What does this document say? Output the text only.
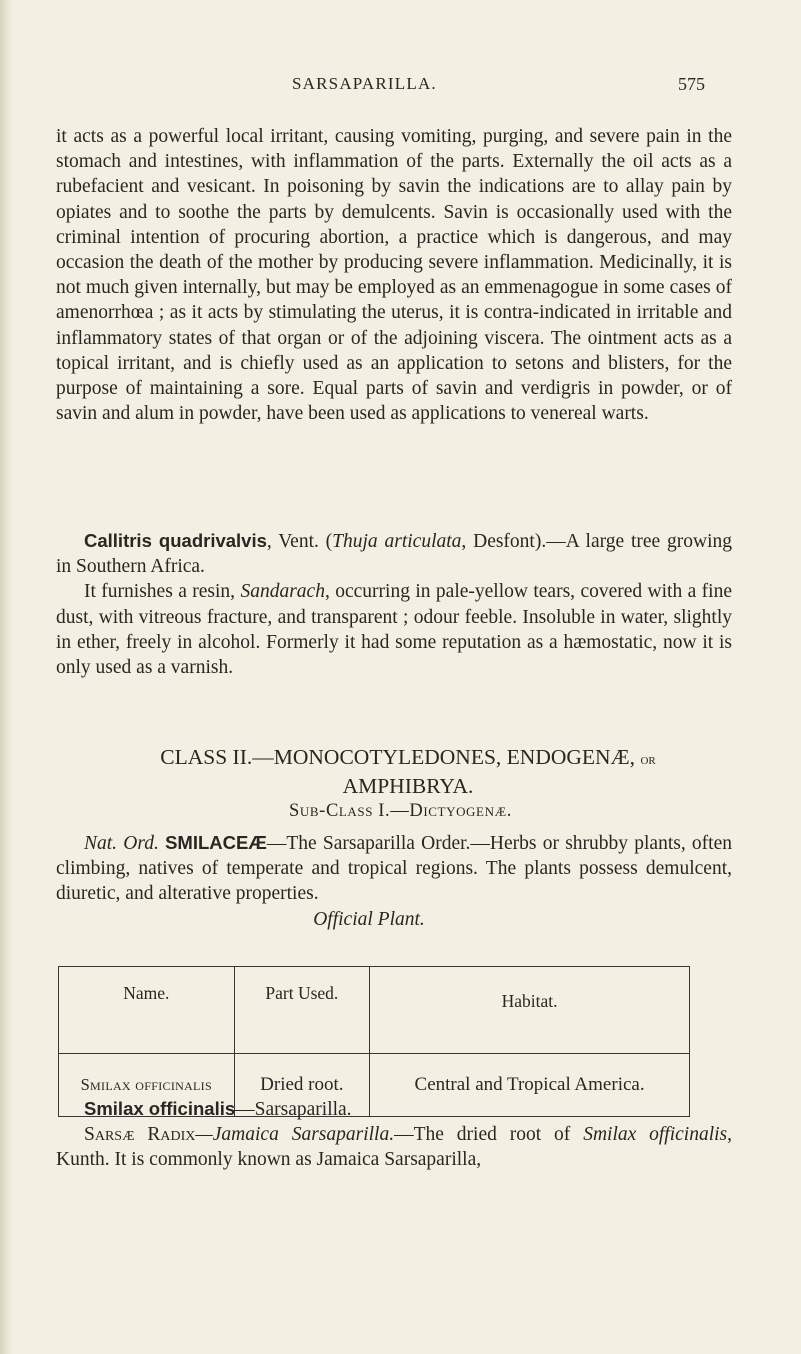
SARSAPARILLA.	575

it acts as a powerful local irritant, causing vomiting, purging, and severe pain in the stomach and intestines, with inflammation of the parts. Externally the oil acts as a rubefacient and vesicant. In poisoning by savin the indications are to allay pain by opiates and to soothe the parts by demulcents. Savin is occasionally used with the criminal intention of procuring abortion, a practice which is dangerous, and may occasion the death of the mother by producing severe inflammation. Medicinally, it is not much given internally, but may be employed as an emmenagogue in some cases of amenorrhœa ; as it acts by stimulating the uterus, it is contra-indicated in irritable and inflammatory states of that organ or of the adjoining viscera. The ointment acts as a topical irritant, and is chiefly used as an application to setons and blisters, for the purpose of maintaining a sore. Equal parts of savin and verdigris in powder, or of savin and alum in powder, have been used as applications to venereal warts.

Callitris quadrivalvis, Vent. (Thuja articulata, Desfont).—A large tree growing in Southern Africa.

It furnishes a resin, Sandarach, occurring in pale-yellow tears, covered with a fine dust, with vitreous fracture, and transparent ; odour feeble. Insoluble in water, slightly in ether, freely in alcohol. Formerly it had some reputation as a hæmostatic, now it is only used as a varnish.

CLASS II.—MONOCOTYLEDONES, ENDOGENÆ, or
AMPHIBRYA.
Sub-Class I.—Dictyogenæ.

Nat. Ord. SMILACEÆ—The Sarsaparilla Order.—Herbs or shrubby plants, often climbing, natives of temperate and tropical regions. The plants possess demulcent, diuretic, and alterative properties.

Official Plant.
Name.	Part Used.	Habitat.
Smilax officinalis	Dried root.	Central and Tropical America.

Smilax officinalis—Sarsaparilla.

Sarsæ Radix—Jamaica Sarsaparilla.—The dried root of Smilax officinalis, Kunth. It is commonly known as Jamaica Sarsaparilla,
